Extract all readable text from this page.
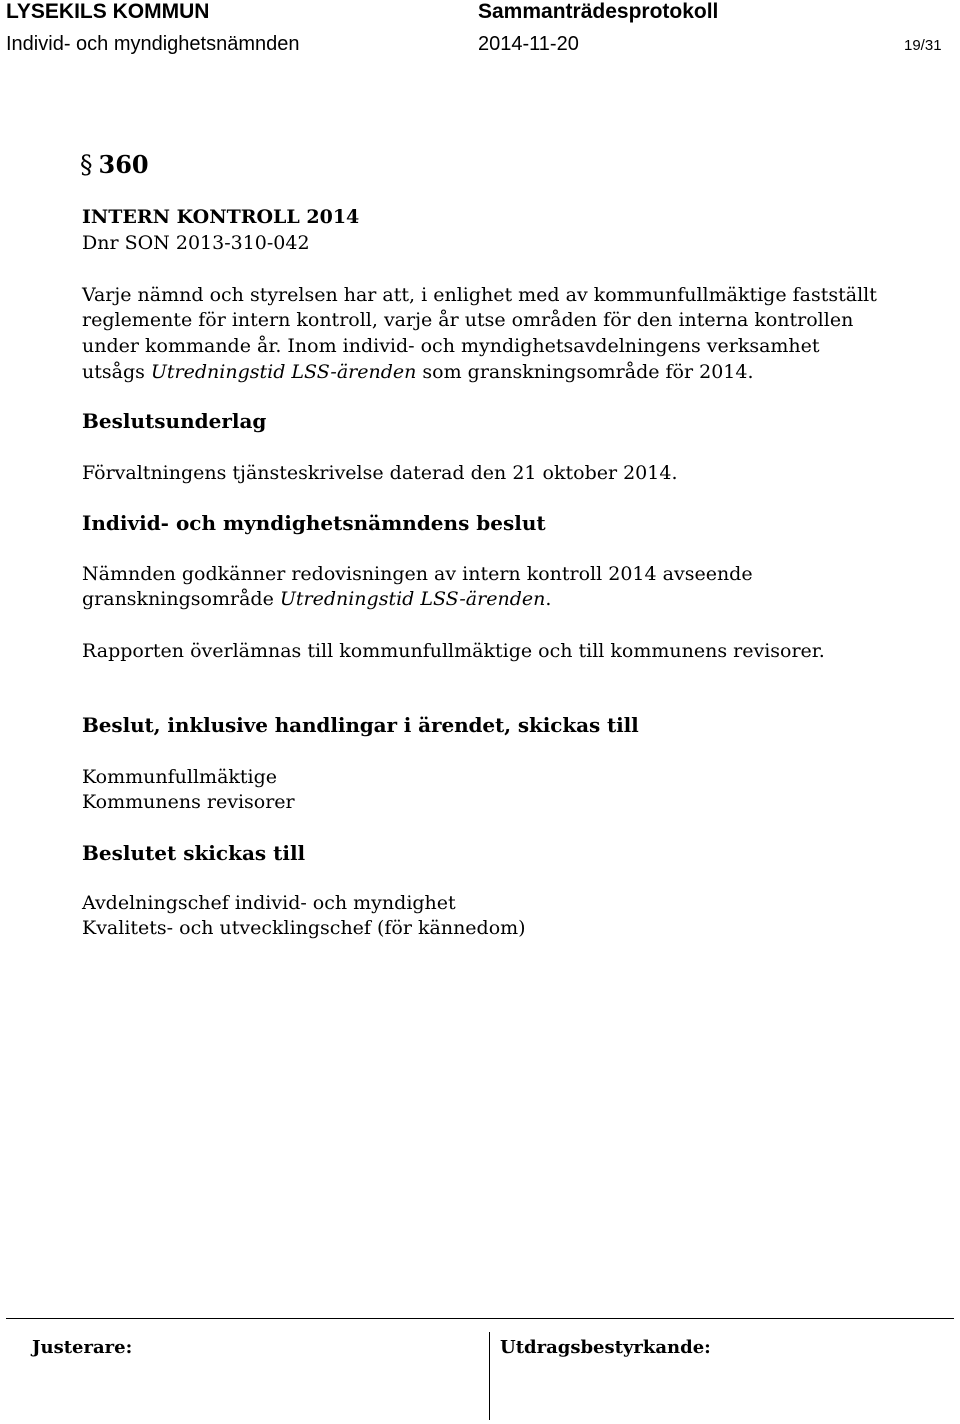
LYSEKILS KOMMUN	Sammanträdesprotokoll
Individ- och myndighetsnämnden	2014-11-20	19/31
§ 360
INTERN KONTROLL 2014
Dnr SON 2013-310-042
Varje nämnd och styrelsen har att, i enlighet med av kommunfullmäktige fastställt
reglemente för intern kontroll, varje år utse områden för den interna kontrollen
under kommande år. Inom individ- och myndighetsavdelningens verksamhet
utsågs Utredningstid LSS-ärenden som granskningsområde för 2014.
Beslutsunderlag
Förvaltningens tjänsteskrivelse daterad den 21 oktober 2014.
Individ- och myndighetsnämndens beslut
Nämnden godkänner redovisningen av intern kontroll 2014 avseende
granskningsområde Utredningstid LSS-ärenden.
Rapporten överlämnas till kommunfullmäktige och till kommunens revisorer.
Beslut, inklusive handlingar i ärendet, skickas till
Kommunfullmäktige
Kommunens revisorer
Beslutet skickas till
Avdelningschef individ- och myndighet
Kvalitets- och utvecklingschef (för kännedom)
Justerare:	Utdragsbestyrkande:
